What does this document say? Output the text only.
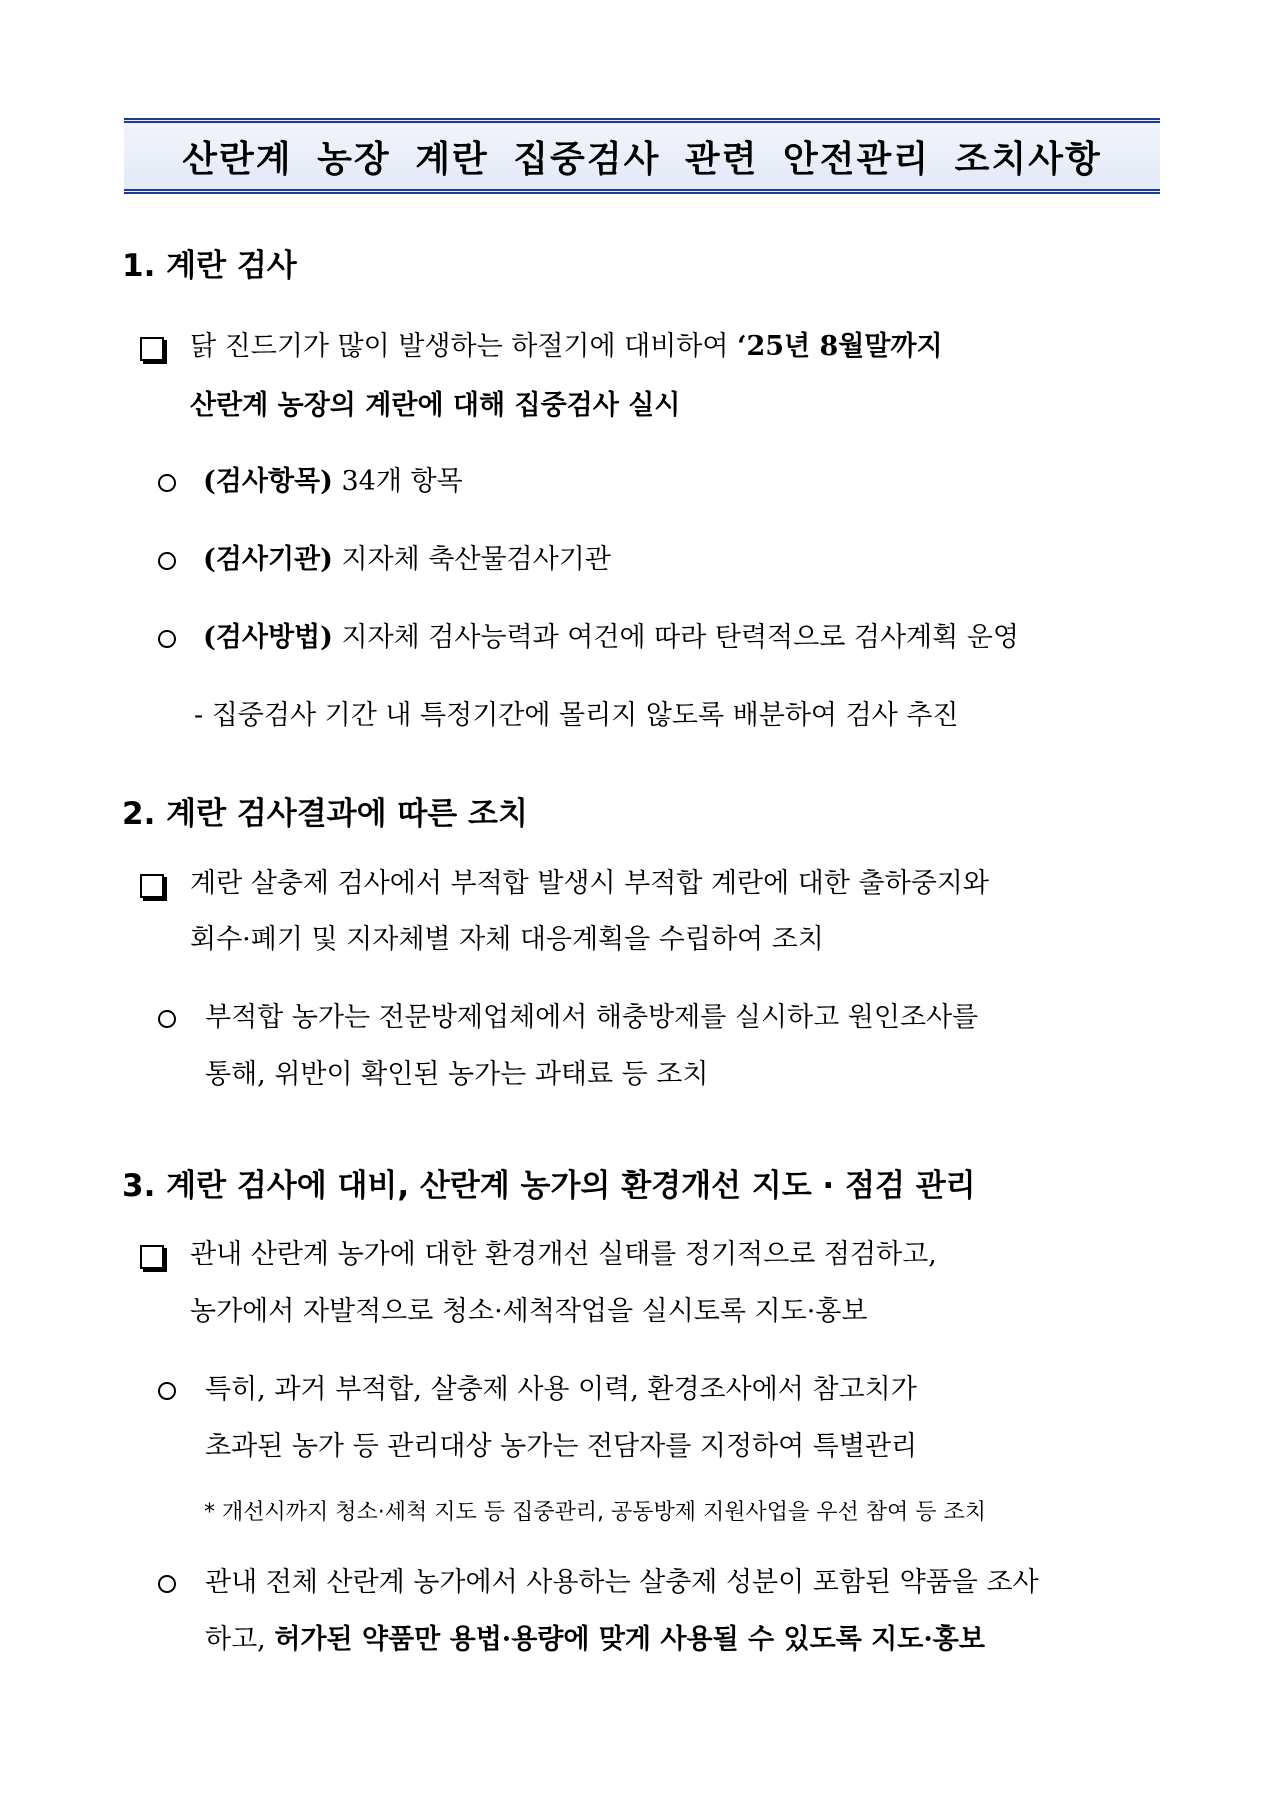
산란계 농장 계란 집중검사 관련 안전관리 조치사항
1. 계란 검사
닭 진드기가 많이 발생하는 하절기에 대비하여 ‘25년 8월말까지
산란계 농장의 계란에 대해 집중검사 실시
(검사항목) 34개 항목
(검사기관) 지자체 축산물검사기관
(검사방법) 지자체 검사능력과 여건에 따라 탄력적으로 검사계획 운영
- 집중검사 기간 내 특정기간에 몰리지 않도록 배분하여 검사 추진
2. 계란 검사결과에 따른 조치
계란 살충제 검사에서 부적합 발생시 부적합 계란에 대한 출하중지와
회수·폐기 및 지자체별 자체 대응계획을 수립하여 조치
부적합 농가는 전문방제업체에서 해충방제를 실시하고 원인조사를
통해, 위반이 확인된 농가는 과태료 등 조치
3. 계란 검사에 대비, 산란계 농가의 환경개선 지도 · 점검 관리
관내 산란계 농가에 대한 환경개선 실태를 정기적으로 점검하고,
농가에서 자발적으로 청소·세척작업을 실시토록 지도·홍보
특히, 과거 부적합, 살충제 사용 이력, 환경조사에서 참고치가
초과된 농가 등 관리대상 농가는 전담자를 지정하여 특별관리
* 개선시까지 청소·세척 지도 등 집중관리, 공동방제 지원사업을 우선 참여 등 조치
관내 전체 산란계 농가에서 사용하는 살충제 성분이 포함된 약품을 조사
하고, 허가된 약품만 용법·용량에 맞게 사용될 수 있도록 지도·홍보
